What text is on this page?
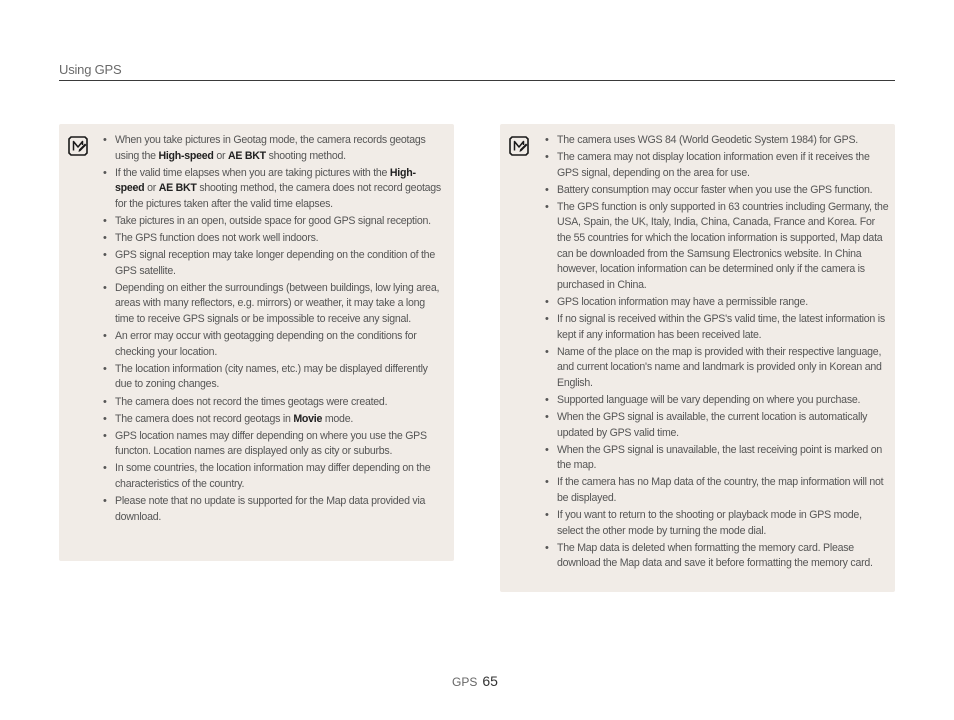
Using GPS
• When you take pictures in Geotag mode, the camera records geotags using the High-speed or AE BKT shooting method.
• If the valid time elapses when you are taking pictures with the High-speed or AE BKT shooting method, the camera does not record geotags for the pictures taken after the valid time elapses.
• Take pictures in an open, outside space for good GPS signal reception.
• The GPS function does not work well indoors.
• GPS signal reception may take longer depending on the condition of the GPS satellite.
• Depending on either the surroundings (between buildings, low lying area, areas with many reflectors, e.g. mirrors) or weather, it may take a long time to receive GPS signals or be impossible to receive any signal.
• An error may occur with geotagging depending on the conditions for checking your location.
• The location information (city names, etc.) may be displayed differently due to zoning changes.
• The camera does not record the times geotags were created.
• The camera does not record geotags in Movie mode.
• GPS location names may differ depending on where you use the GPS functon. Location names are displayed only as city or suburbs.
• In some countries, the location information may differ depending on the characteristics of the country.
• Please note that no update is supported for the Map data provided via download.
• The camera uses WGS 84 (World Geodetic System 1984) for GPS.
• The camera may not display location information even if it receives the GPS signal, depending on the area for use.
• Battery consumption may occur faster when you use the GPS function.
• The GPS function is only supported in 63 countries including Germany, the USA, Spain, the UK, Italy, India, China, Canada, France and Korea. For the 55 countries for which the location information is supported, Map data can be downloaded from the Samsung Electronics website. In China however, location information can be determined only if the camera is purchased in China.
• GPS location information may have a permissible range.
• If no signal is received within the GPS's valid time, the latest information is kept if any information has been received late.
• Name of the place on the map is provided with their respective language, and current location's name and landmark is provided only in Korean and English.
• Supported language will be vary depending on where you purchase.
• When the GPS signal is available, the current location is automatically updated by GPS valid time.
• When the GPS signal is unavailable, the last receiving point is marked on the map.
• If the camera has no Map data of the country, the map information will not be displayed.
• If you want to return to the shooting or playback mode in GPS mode, select the other mode by turning the mode dial.
• The Map data is deleted when formatting the memory card. Please download the Map data and save it before formatting the memory card.
GPS 65
